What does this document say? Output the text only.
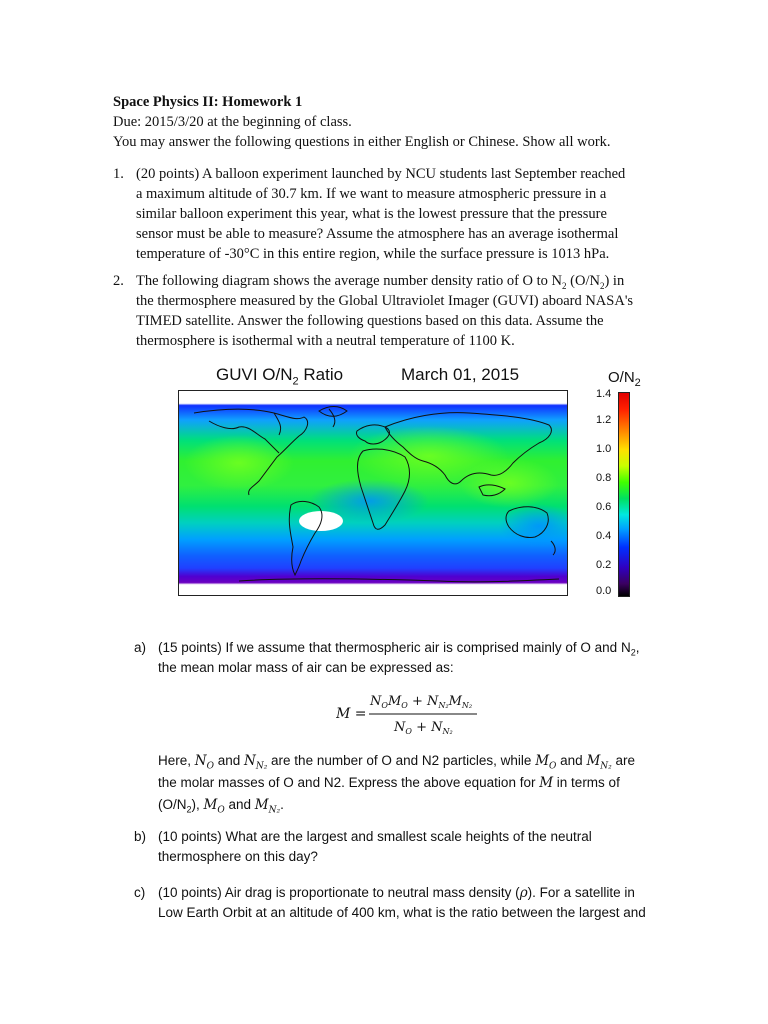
Space Physics II: Homework 1
Due: 2015/3/20 at the beginning of class.
You may answer the following questions in either English or Chinese. Show all work.
1. (20 points) A balloon experiment launched by NCU students last September reached

a maximum altitude of 30.7 km. If we want to measure atmospheric pressure in a

similar balloon experiment this year, what is the lowest pressure that the pressure

sensor must be able to measure? Assume the atmosphere has an average isothermal

temperature of -30°C in this entire region, while the surface pressure is 1013 hPa.

2. The following diagram shows the average number density ratio of O to $N_2$ $(O/N_2)$ in

the thermosphere measured by the Global Ultraviolet Imager (GUVI) aboard NASA's

TIMED satellite. Answer the following questions based on this data. Assume the

thermosphere is isothermal with a neutral temperature of 1100 K.

GUVI $O/N_2$ Ratio	March 01, 2015	$O/N_2$
1.4
1.2
1.0
0.8
0.6
0.4
0.2
0.0
a) (15 points) If we assume that thermospheric air is comprised mainly of O and $N_2$,

the mean molar mass of air can be expressed as:

M =
$N_OM_O + N_{N_2}M_{N_2}$
$N_O + N_{N_2}$

Here, $N_O$ and $N_{N_2}$ are the number of O and N2 particles, while $M_O$ and $M_{N_2}$ are

the molar masses of O and N2. Express the above equation for M in terms of

$(O/N_2)$, $M_O$ and $M_{N_2}$.

b) (10 points) What are the largest and smallest scale heights of the neutral

thermosphere on this day?

c) (10 points) Air drag is proportionate to neutral mass density (ρ). For a satellite in

Low Earth Orbit at an altitude of 400 km, what is the ratio between the largest and
